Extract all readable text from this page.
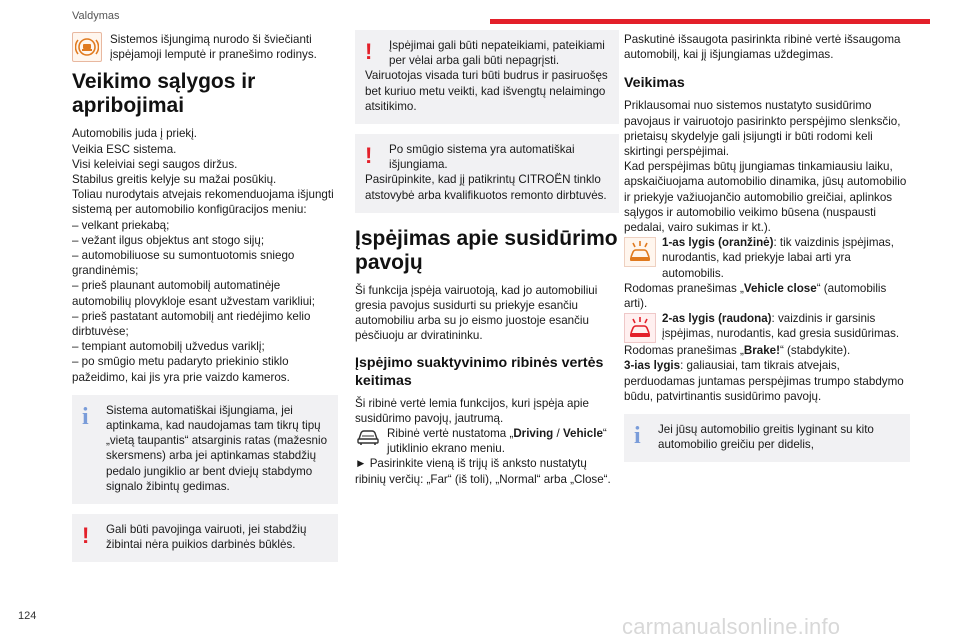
Valdymas
Sistemos išjungimą nurodo ši šviečianti įspėjamoji lemputė ir pranešimo rodinys.
Veikimo sąlygos ir apribojimai
Automobilis juda į priekį.
Veikia ESC sistema.
Visi keleiviai segi saugos diržus.
Stabilus greitis kelyje su mažai posūkių.
Toliau nurodytais atvejais rekomenduojama išjungti sistemą per automobilio konfigūracijos meniu:
– velkant priekabą;
– vežant ilgus objektus ant stogo sijų;
– automobiliuose su sumontuotomis sniego grandinėmis;
– prieš plaunant automobilį automatinėje automobilių plovykloje esant užvestam varikliui;
– prieš pastatant automobilį ant riedėjimo kelio dirbtuvėse;
– tempiant automobilį užvedus variklį;
– po smūgio metu padaryto priekinio stiklo pažeidimo, kai jis yra prie vaizdo kameros.
i	Sistema automatiškai išjungiama, jei aptinkama, kad naudojamas tam tikrų tipų „vietą taupantis“ atsarginis ratas (mažesnio skersmens) arba jei aptinkamas stabdžių pedalo jungiklio ar bent dviejų stabdymo signalo žibintų gedimas.
!	Gali būti pavojinga vairuoti, jei stabdžių žibintai nėra puikios darbinės būklės.
!	Įspėjimai gali būti nepateikiami, pateikiami per vėlai arba gali būti nepagrįsti.
Vairuotojas visada turi būti budrus ir pasiruošęs bet kuriuo metu veikti, kad išvengtų nelaimingo atsitikimo.
!	Po smūgio sistema yra automatiškai išjungiama.
Pasirūpinkite, kad jį patikrintų CITROËN tinklo atstovybė arba kvalifikuotos remonto dirbtuvės.
Įspėjimas apie susidūrimo pavojų
Ši funkcija įspėja vairuotoją, kad jo automobiliui gresia pavojus susidurti su priekyje esančiu automobiliu arba su jo eismo juostoje esančiu pėsčiuoju ar dviratininku.
Įspėjimo suaktyvinimo ribinės vertės keitimas
Ši ribinė vertė lemia funkcijos, kuri įspėja apie susidūrimo pavojų, jautrumą.
Ribinė vertė nustatoma „Driving / Vehicle“ jutiklinio ekrano meniu.
► Pasirinkite vieną iš trijų iš anksto nustatytų ribinių verčių: „Far“ (iš toli), „Normal“ arba „Close“.
Paskutinė išsaugota pasirinkta ribinė vertė išsaugoma automobilį, kai jį išjungiamas uždegimas.
Veikimas
Priklausomai nuo sistemos nustatyto susidūrimo pavojaus ir vairuotojo pasirinkto perspėjimo slenksčio, prietaisų skydelyje gali įsijungti ir būti rodomi keli skirtingi perspėjimai.
Kad perspėjimas būtų įjungiamas tinkamiausiu laiku, apskaičiuojama automobilio dinamika, jūsų automobilio ir priekyje važiuojančio automobilio greičiai, aplinkos sąlygos ir automobilio veikimo būsena (nuspausti pedalai, vairo sukimas ir kt.).
1-as lygis (oranžinė): tik vaizdinis įspėjimas, nurodantis, kad priekyje labai arti yra automobilis.
Rodomas pranešimas „Vehicle close“ (automobilis arti).
2-as lygis (raudona): vaizdinis ir garsinis įspėjimas, nurodantis, kad gresia susidūrimas.
Rodomas pranešimas „Brake!“ (stabdykite).
3-ias lygis: galiausiai, tam tikrais atvejais, perduodamas juntamas perspėjimas trumpo stabdymo būdu, patvirtinantis susidūrimo pavojų.
i	Jei jūsų automobilio greitis lyginant su kito automobilio greičiu per didelis,
124	carmanualsonline.info
